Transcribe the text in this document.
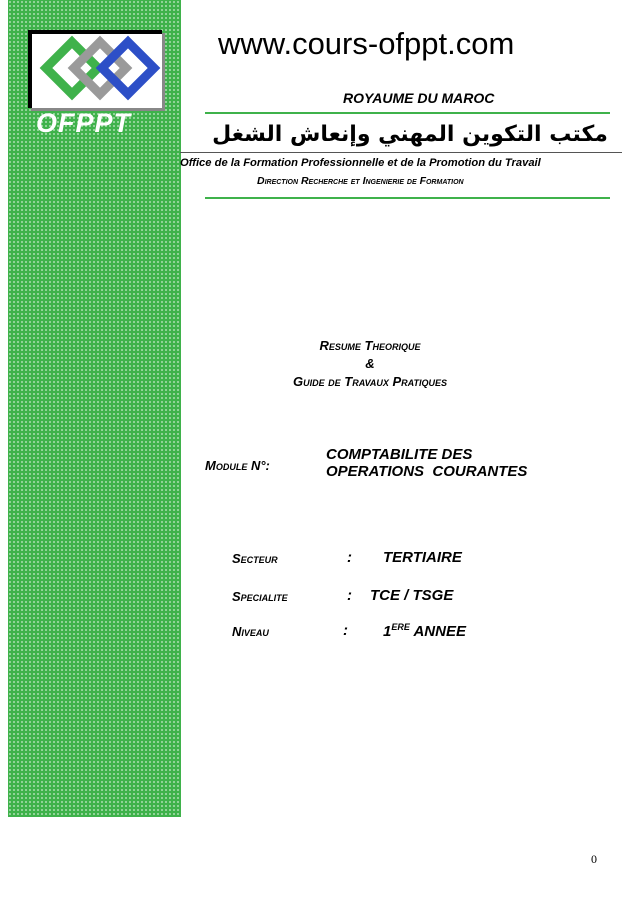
OFPPT
www.cours-ofppt.com
ROYAUME DU MAROC
مكتب التكوين المهني وإنعاش الشغل
Office de la Formation Professionnelle et de la Promotion du Travail
Direction Recherche et Ingenierie de Formation
Resume Theorique
&
Guide de Travaux Pratiques
Module N°:
COMPTABILITE DES
OPERATIONS  COURANTES
Secteur	: TERTIAIRE
Specialite	: TCE / TSGE
Niveau	: 1ERE ANNEE
0
